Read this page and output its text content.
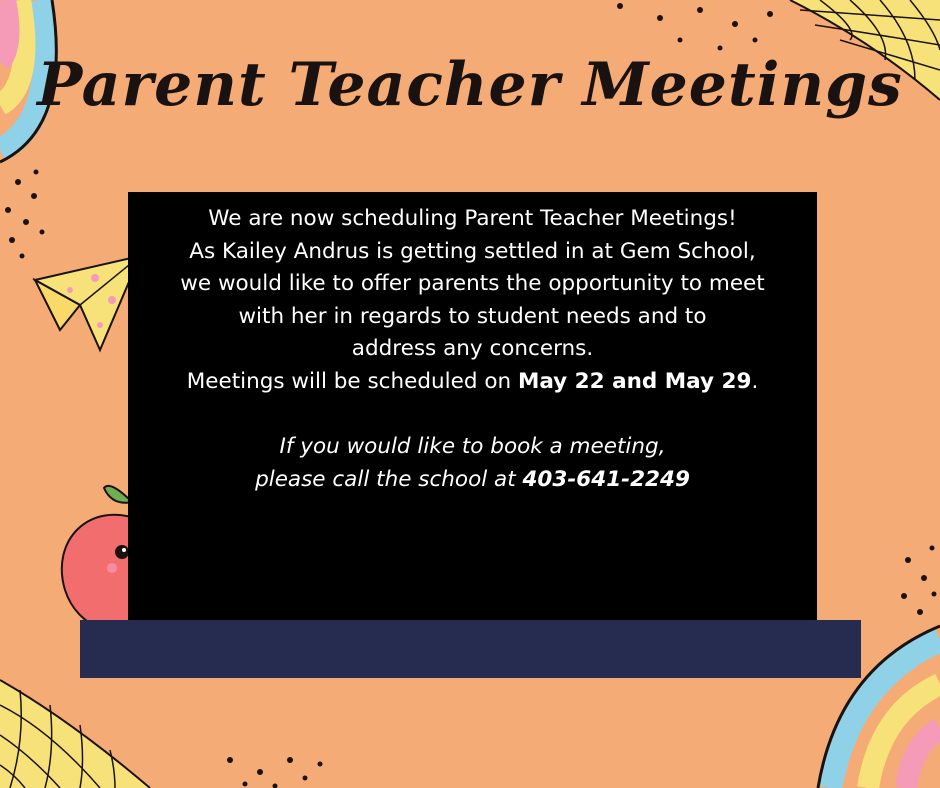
Parent Teacher Meetings
We are now scheduling Parent Teacher Meetings!
As Kailey Andrus is getting settled in at Gem School,
we would like to offer parents the opportunity to meet
with her in regards to student needs and to
address any concerns.
Meetings will be scheduled on May 22 and May 29.
If you would like to book a meeting,
please call the school at 403-641-2249
